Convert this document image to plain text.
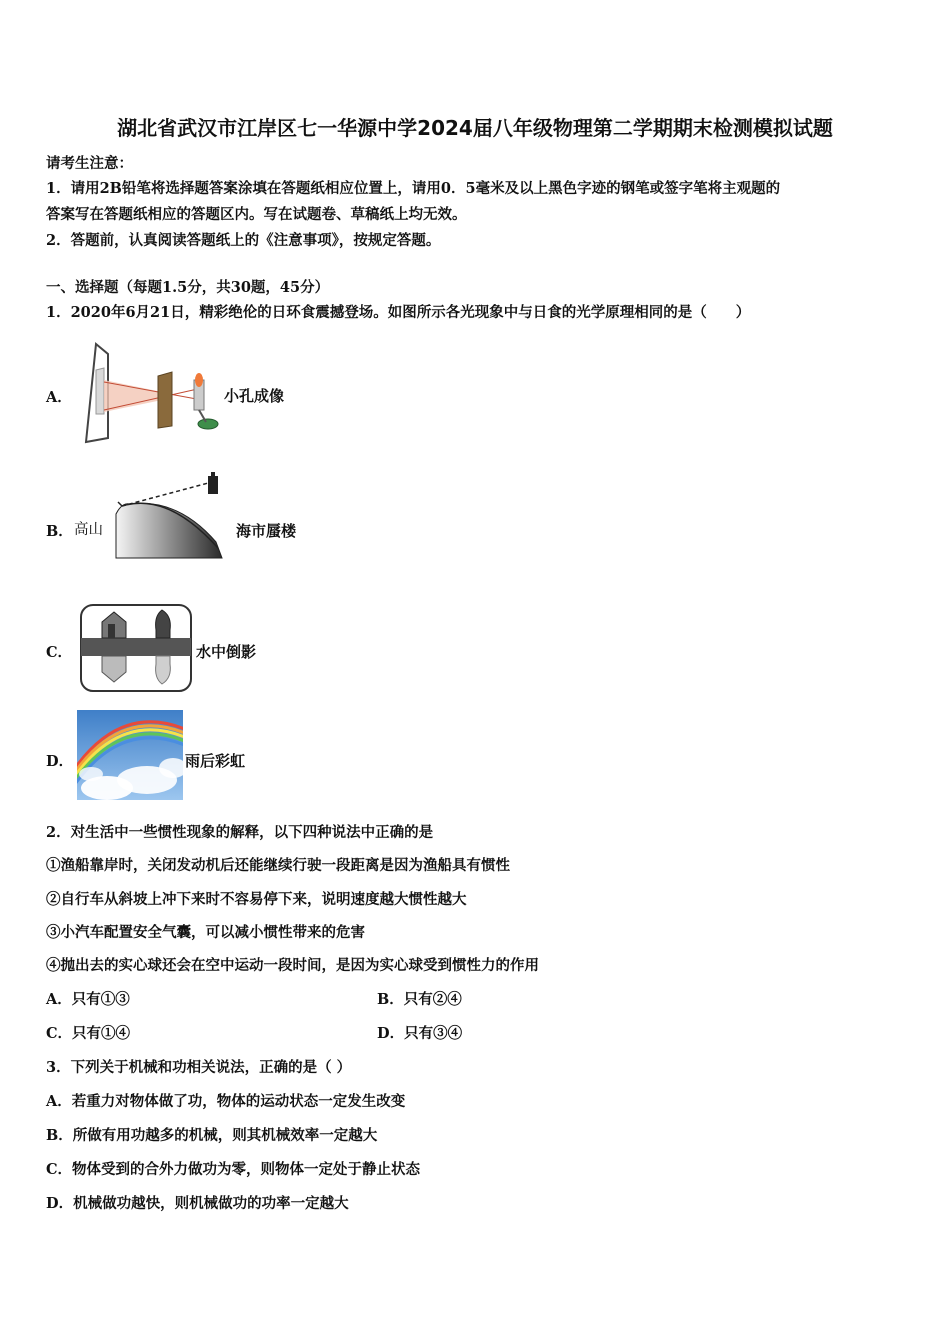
湖北省武汉市江岸区七一华源中学2024届八年级物理第二学期期末检测模拟试题
请考生注意：
1．请用2B铅笔将选择题答案涂填在答题纸相应位置上，请用0．5毫米及以上黑色字迹的钢笔或签字笔将主观题的
答案写在答题纸相应的答题区内。写在试题卷、草稿纸上均无效。
2．答题前，认真阅读答题纸上的《注意事项》，按规定答题。
一、选择题（每题1.5分，共30题，45分）
1．2020年6月21日，精彩绝伦的日环食震撼登场。如图所示各光现象中与日食的光学原理相同的是（　　）
A．	小孔成像
B． 高山	海市蜃楼
C．	水中倒影
D．	雨后彩虹
2．对生活中一些惯性现象的解释，以下四种说法中正确的是
①渔船靠岸时，关闭发动机后还能继续行驶一段距离是因为渔船具有惯性
②自行车从斜坡上冲下来时不容易停下来，说明速度越大惯性越大
③小汽车配置安全气囊，可以减小惯性带来的危害
④抛出去的实心球还会在空中运动一段时间，是因为实心球受到惯性力的作用
A．只有①③	B．只有②④
C．只有①④	D．只有③④
3．下列关于机械和功相关说法，正确的是（ ）
A．若重力对物体做了功，物体的运动状态一定发生改变
B．所做有用功越多的机械，则其机械效率一定越大
C．物体受到的合外力做功为零，则物体一定处于静止状态
D．机械做功越快，则机械做功的功率一定越大
